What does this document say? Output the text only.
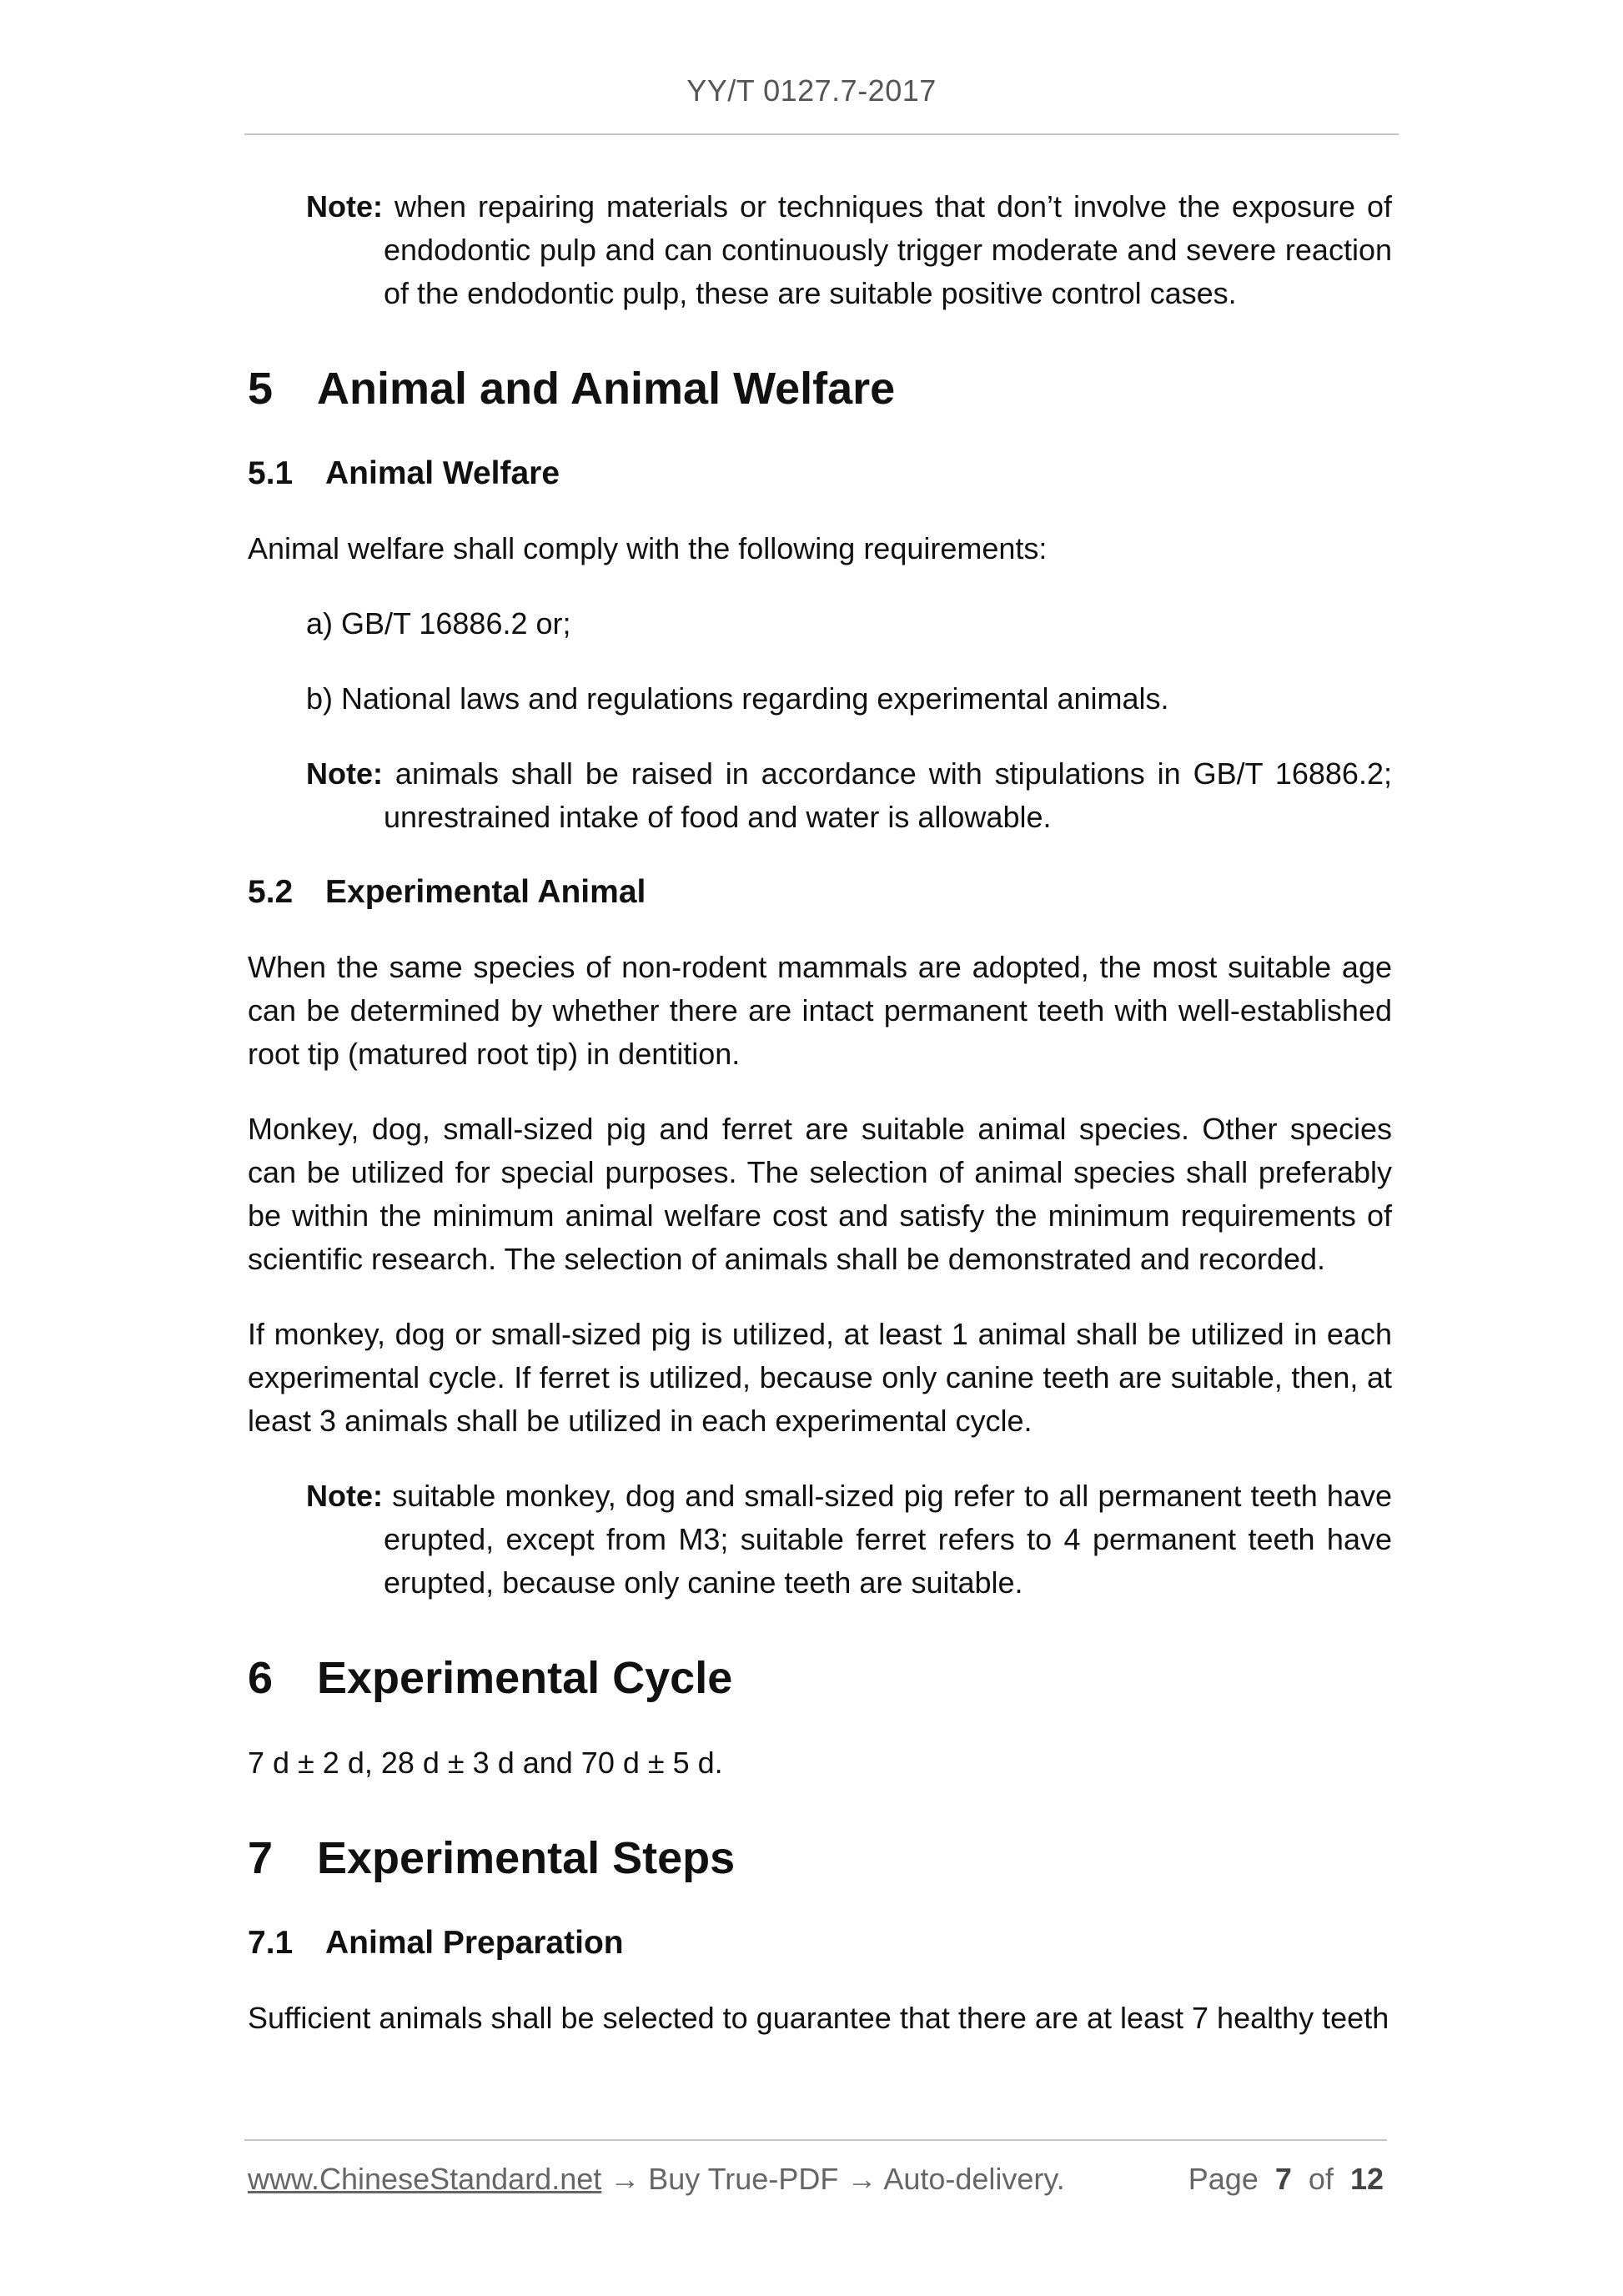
YY/T 0127.7-2017

Note: when repairing materials or techniques that don’t involve the exposure of endodontic pulp and can continuously trigger moderate and severe reaction of the endodontic pulp, these are suitable positive control cases.

5 Animal and Animal Welfare
5.1 Animal Welfare

Animal welfare shall comply with the following requirements:

a) GB/T 16886.2 or;

b) National laws and regulations regarding experimental animals.

Note: animals shall be raised in accordance with stipulations in GB/T 16886.2; unrestrained intake of food and water is allowable.

5.2 Experimental Animal

When the same species of non-rodent mammals are adopted, the most suitable age can be determined by whether there are intact permanent teeth with well-established root tip (matured root tip) in dentition.

Monkey, dog, small-sized pig and ferret are suitable animal species. Other species can be utilized for special purposes. The selection of animal species shall preferably be within the minimum animal welfare cost and satisfy the minimum requirements of scientific research. The selection of animals shall be demonstrated and recorded.

If monkey, dog or small-sized pig is utilized, at least 1 animal shall be utilized in each experimental cycle. If ferret is utilized, because only canine teeth are suitable, then, at least 3 animals shall be utilized in each experimental cycle.

Note: suitable monkey, dog and small-sized pig refer to all permanent teeth have erupted, except from M3; suitable ferret refers to 4 permanent teeth have erupted, because only canine teeth are suitable.

6 Experimental Cycle

7 d ± 2 d, 28 d ± 3 d and 70 d ± 5 d.

7 Experimental Steps
7.1 Animal Preparation

Sufficient animals shall be selected to guarantee that there are at least 7 healthy teeth

www.ChineseStandard.net → Buy True-PDF → Auto-delivery.	Page 7 of 12
